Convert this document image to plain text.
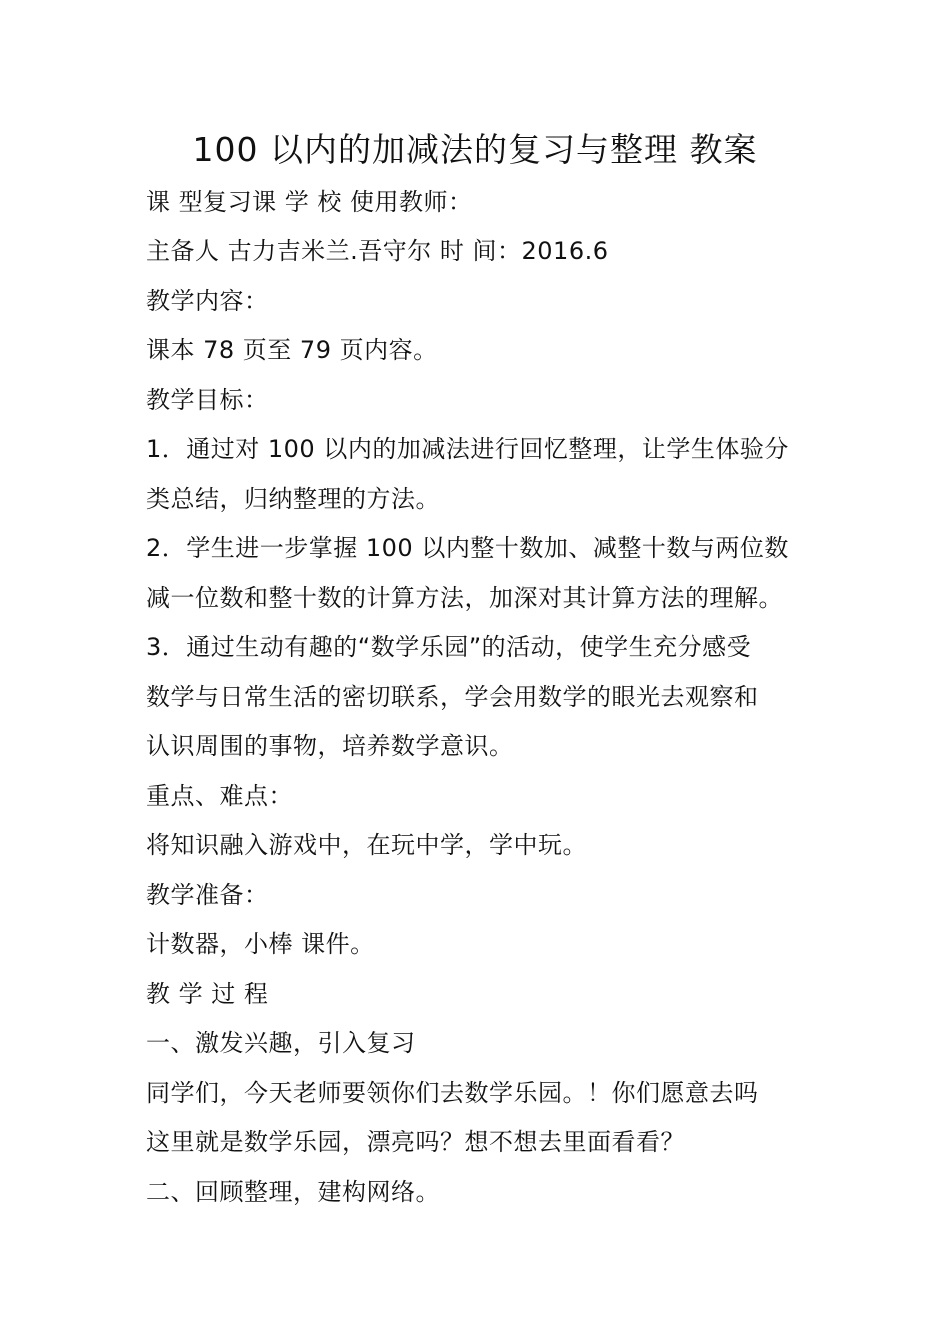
100 以内的加减法的复习与整理 教案
课 型复习课 学 校 使用教师：
主备人 古力吉米兰.吾守尔 时 间：2016.6
教学内容：
课本 78 页至 79 页内容。
教学目标：
1．通过对 100 以内的加减法进行回忆整理，让学生体验分
类总结，归纳整理的方法。
2．学生进一步掌握 100 以内整十数加、减整十数与两位数
减一位数和整十数的计算方法，加深对其计算方法的理解。
3．通过生动有趣的“数学乐园”的活动，使学生充分感受
数学与日常生活的密切联系，学会用数学的眼光去观察和
认识周围的事物，培养数学意识。
重点、难点：
将知识融入游戏中，在玩中学，学中玩。
教学准备：
计数器，小棒 课件。
教 学 过 程
一、激发兴趣，引入复习
同学们，今天老师要领你们去数学乐园。！你们愿意去吗
这里就是数学乐园，漂亮吗？想不想去里面看看？
二、回顾整理，建构网络。
